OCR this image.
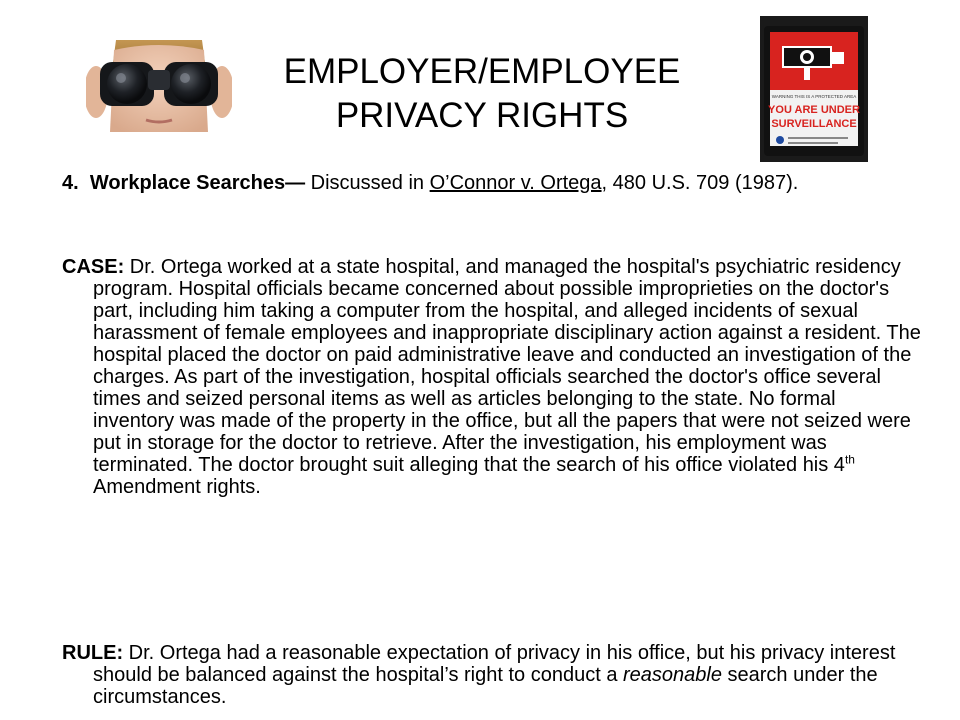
WARNING THIS IS A PROTECTED AREA
YOU ARE UNDER
SURVEILLANCE
EMPLOYER/EMPLOYEE
PRIVACY RIGHTS
4. Workplace Searches— Discussed in O’Connor v. Ortega, 480 U.S. 709 (1987).
CASE: Dr. Ortega worked at a state hospital, and managed the hospital's psychiatric residency program. Hospital officials became concerned about possible improprieties on the doctor's part, including him taking a computer from the hospital, and alleged incidents of sexual harassment of female employees and inappropriate disciplinary action against a resident. The hospital placed the doctor on paid administrative leave and conducted an investigation of the charges. As part of the investigation, hospital officials searched the doctor's office several times and seized personal items as well as articles belonging to the state. No formal inventory was made of the property in the office, but all the papers that were not seized were put in storage for the doctor to retrieve. After the investigation, his employment was terminated. The doctor brought suit alleging that the search of his office violated his 4th Amendment rights.
RULE: Dr. Ortega had a reasonable expectation of privacy in his office, but his privacy interest should be balanced against the hospital’s right to conduct a reasonable search under the circumstances.
